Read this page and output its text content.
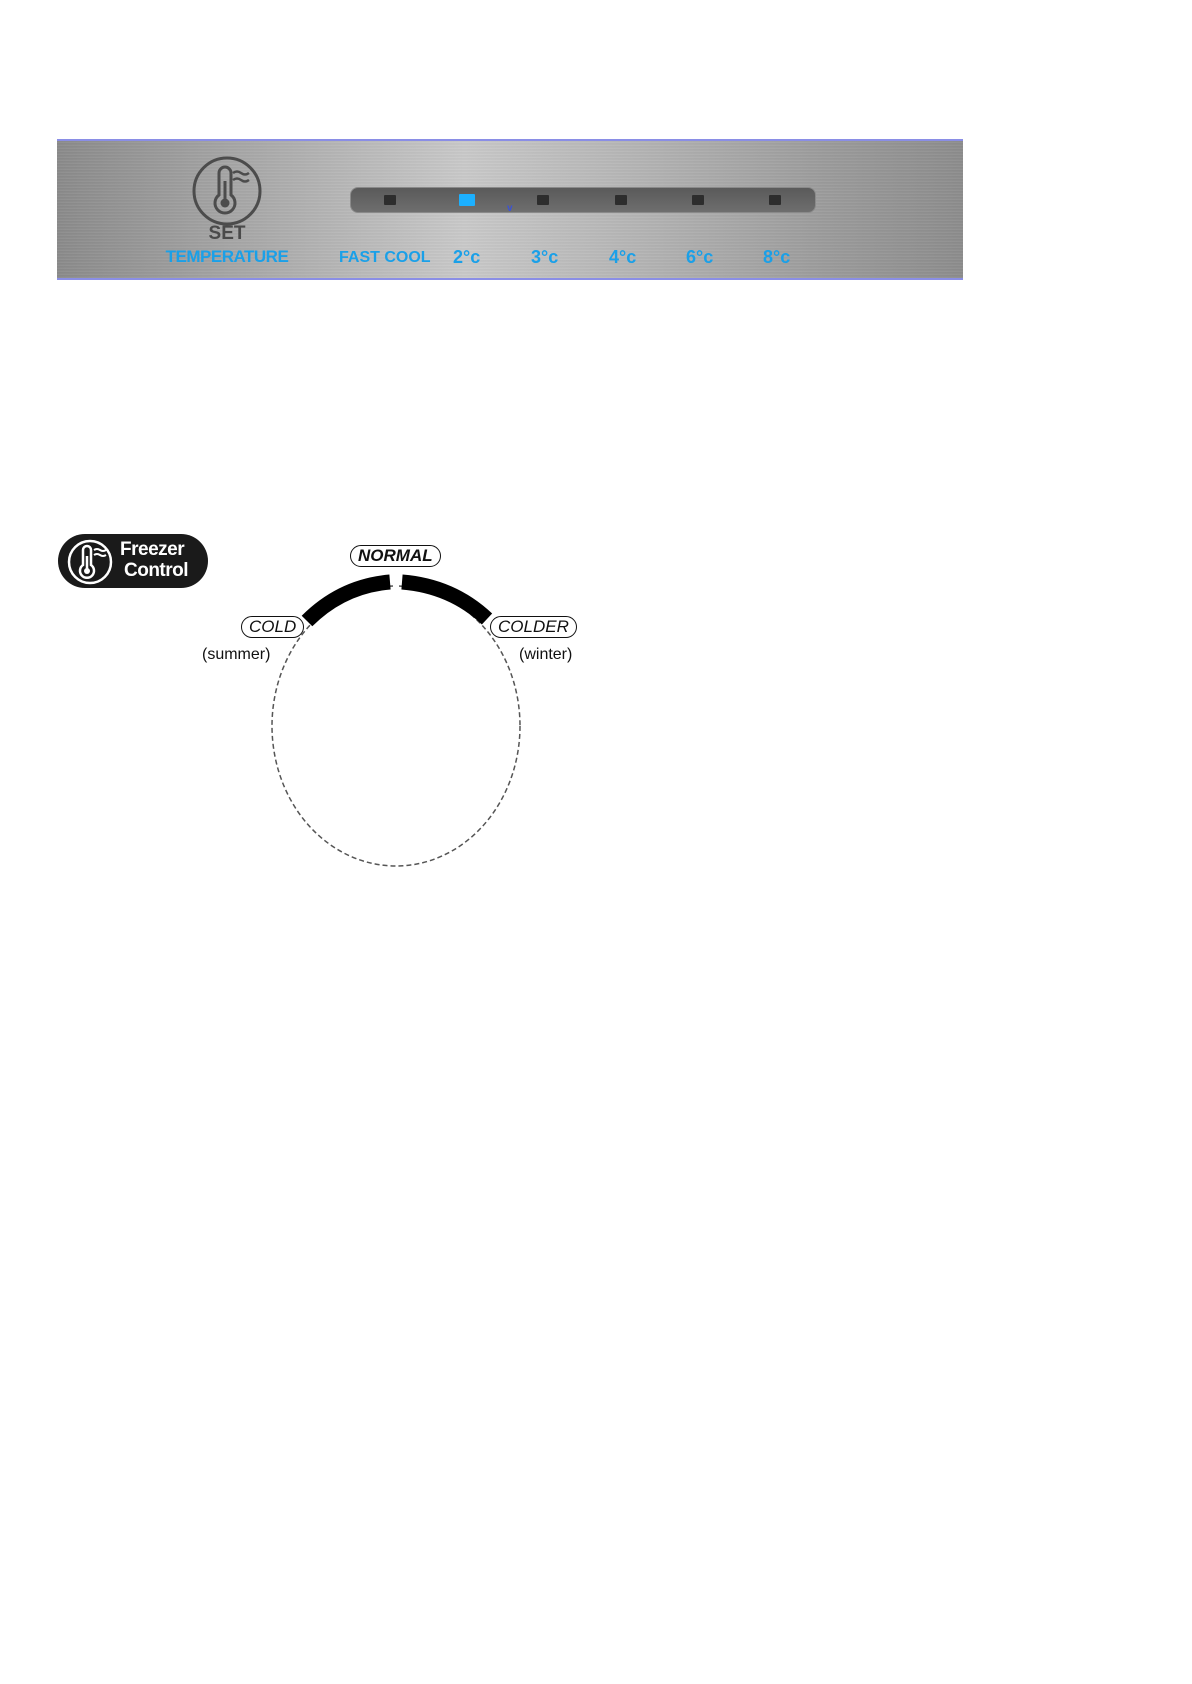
SET
TEMPERATURE
v
FAST COOL 2°c	3°c	4°c	6°c	8°c
Freezer
Control
NORMAL
COLD	COLDER
(summer)	(winter)
